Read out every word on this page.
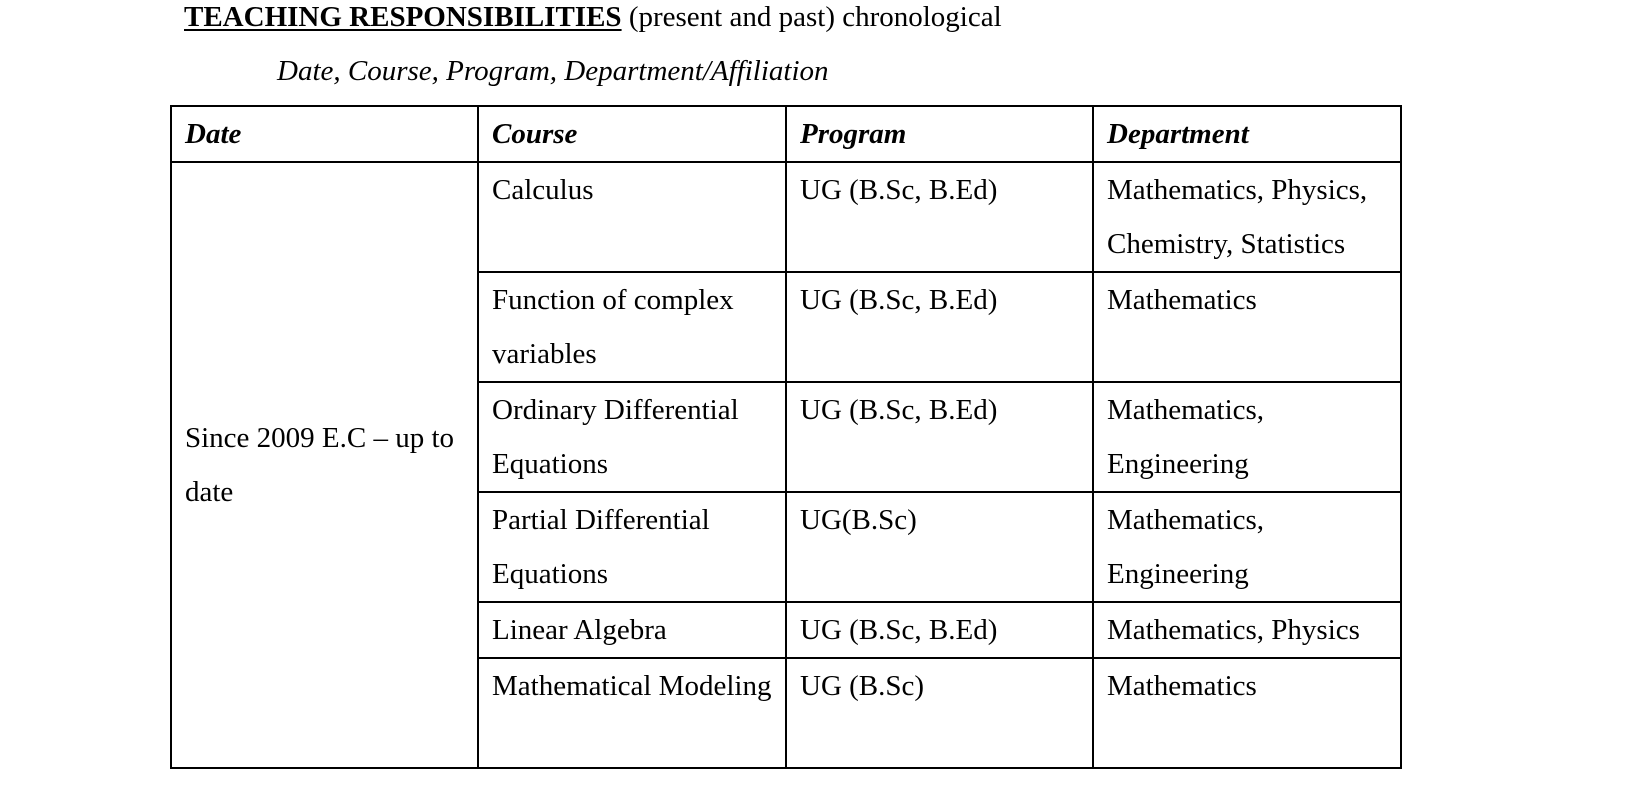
TEACHING RESPONSIBILITIES (present and past) chronological
Date, Course, Program, Department/Affiliation
Date	Course	Program	Department
Since 2009 E.C – up to date	Calculus	UG (B.Sc, B.Ed)	Mathematics, Physics, Chemistry, Statistics
	Function of complex variables	UG (B.Sc, B.Ed)	Mathematics
	Ordinary Differential Equations	UG (B.Sc, B.Ed)	Mathematics, Engineering
	Partial Differential Equations	UG(B.Sc)	Mathematics, Engineering
	Linear Algebra	UG (B.Sc, B.Ed)	Mathematics, Physics
	Mathematical Modeling	UG (B.Sc)	Mathematics
